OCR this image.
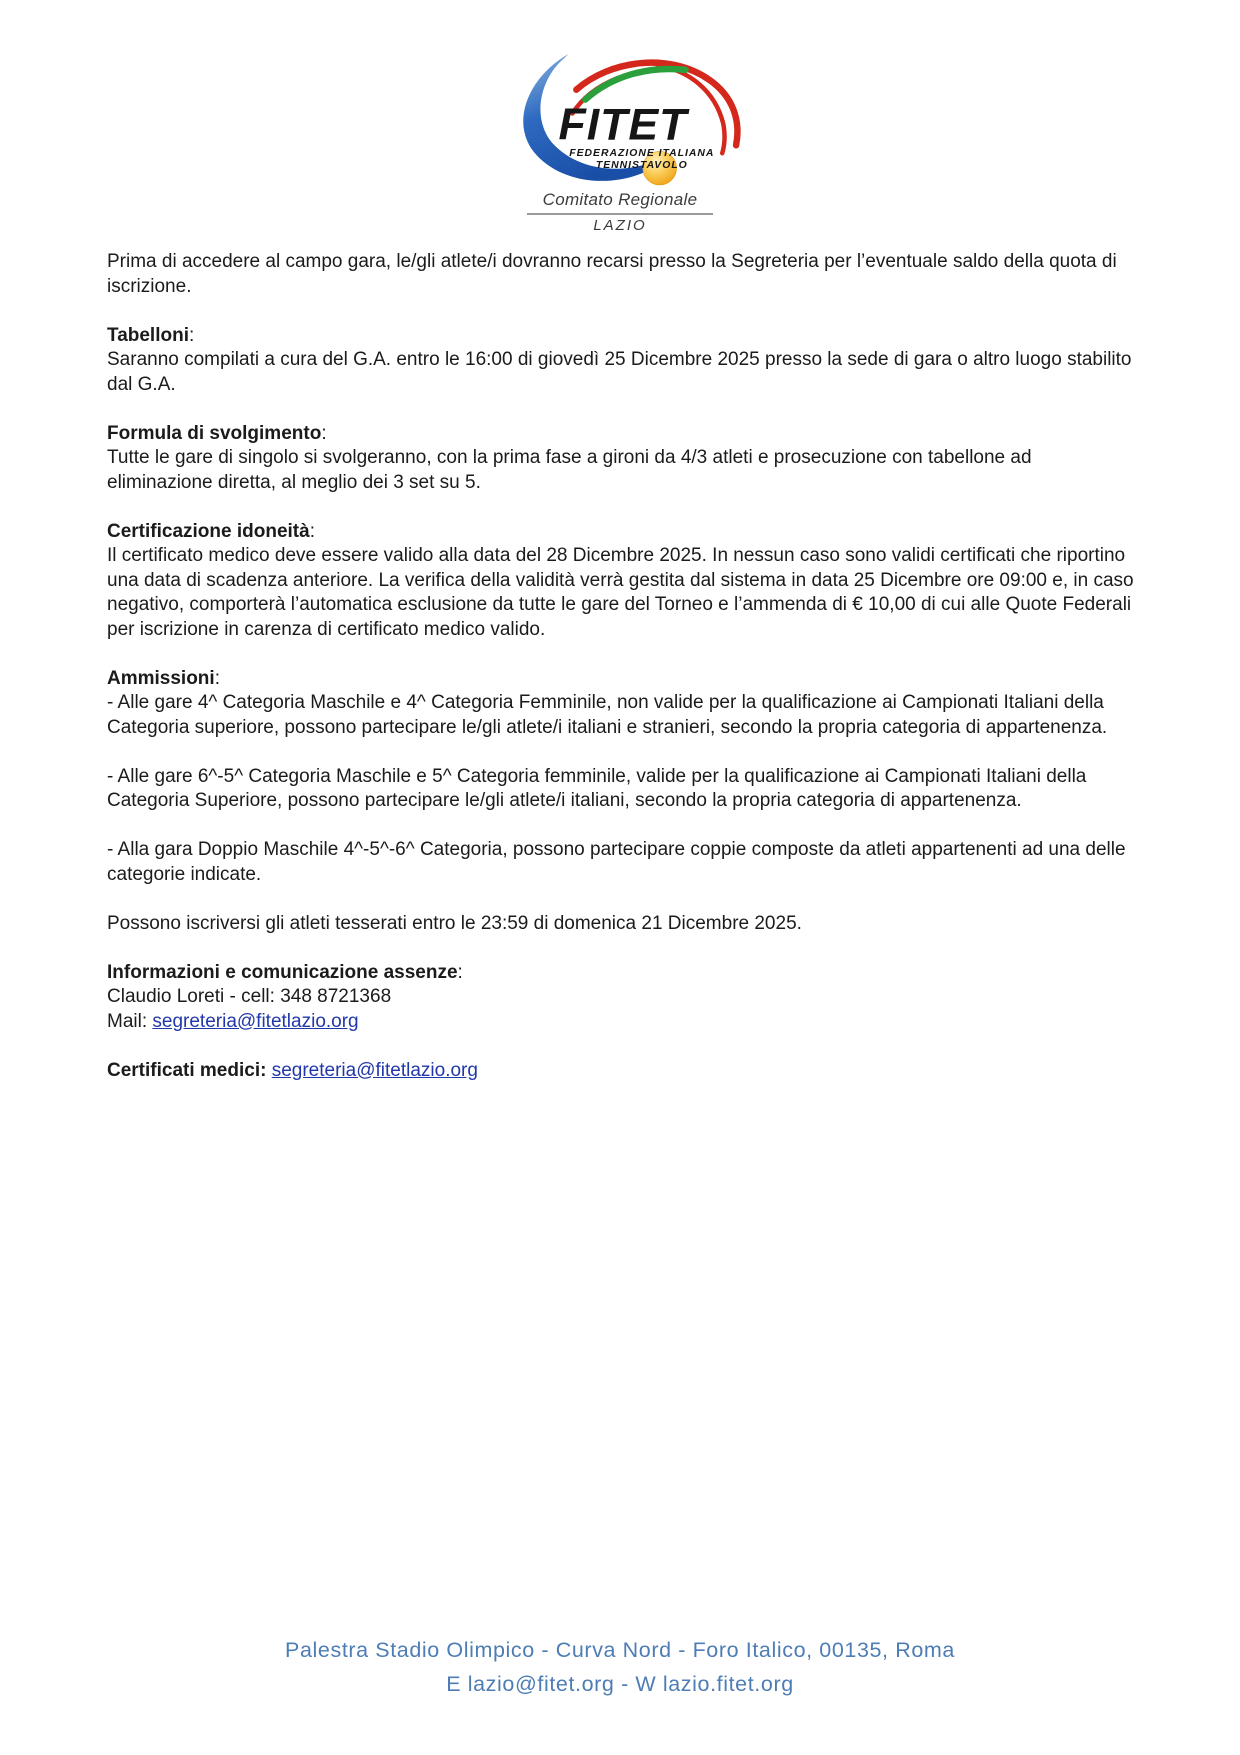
FITET
FEDERAZIONE ITALIANA
TENNISTAVOLO
Comitato Regionale
LAZIO

Prima di accedere al campo gara, le/gli atlete/i dovranno recarsi presso la Segreteria per l’eventuale saldo della quota di iscrizione.

Tabelloni:
Saranno compilati a cura del G.A. entro le 16:00 di giovedì 25 Dicembre 2025 presso la sede di gara o altro luogo stabilito dal G.A.
Formula di svolgimento:
Tutte le gare di singolo si svolgeranno, con la prima fase a gironi da 4/3 atleti e prosecuzione con tabellone ad eliminazione diretta, al meglio dei 3 set su 5.
Certificazione idoneità:
Il certificato medico deve essere valido alla data del 28 Dicembre 2025. In nessun caso sono validi certificati che riportino una data di scadenza anteriore. La verifica della validità verrà gestita dal sistema in data 25 Dicembre ore 09:00 e, in caso negativo, comporterà l’automatica esclusione da tutte le gare del Torneo e l’ammenda di € 10,00 di cui alle Quote Federali per iscrizione in carenza di certificato medico valido.
Ammissioni:
- Alle gare 4^ Categoria Maschile e 4^ Categoria Femminile, non valide per la qualificazione ai Campionati Italiani della Categoria superiore, possono partecipare le/gli atlete/i italiani e stranieri, secondo la propria categoria di appartenenza.

- Alle gare 6^-5^ Categoria Maschile e 5^ Categoria femminile, valide per la qualificazione ai Campionati Italiani della Categoria Superiore, possono partecipare le/gli atlete/i italiani, secondo la propria categoria di appartenenza.

- Alla gara Doppio Maschile 4^-5^-6^ Categoria, possono partecipare coppie composte da atleti appartenenti ad una delle categorie indicate.

Possono iscriversi gli atleti tesserati entro le 23:59 di domenica 21 Dicembre 2025.

Informazioni e comunicazione assenze:
Claudio Loreti - cell: 348 8721368
Mail: segreteria@fitetlazio.org
Certificati medici: segreteria@fitetlazio.org

Palestra Stadio Olimpico - Curva Nord - Foro Italico, 00135, Roma
E lazio@fitet.org - W lazio.fitet.org
